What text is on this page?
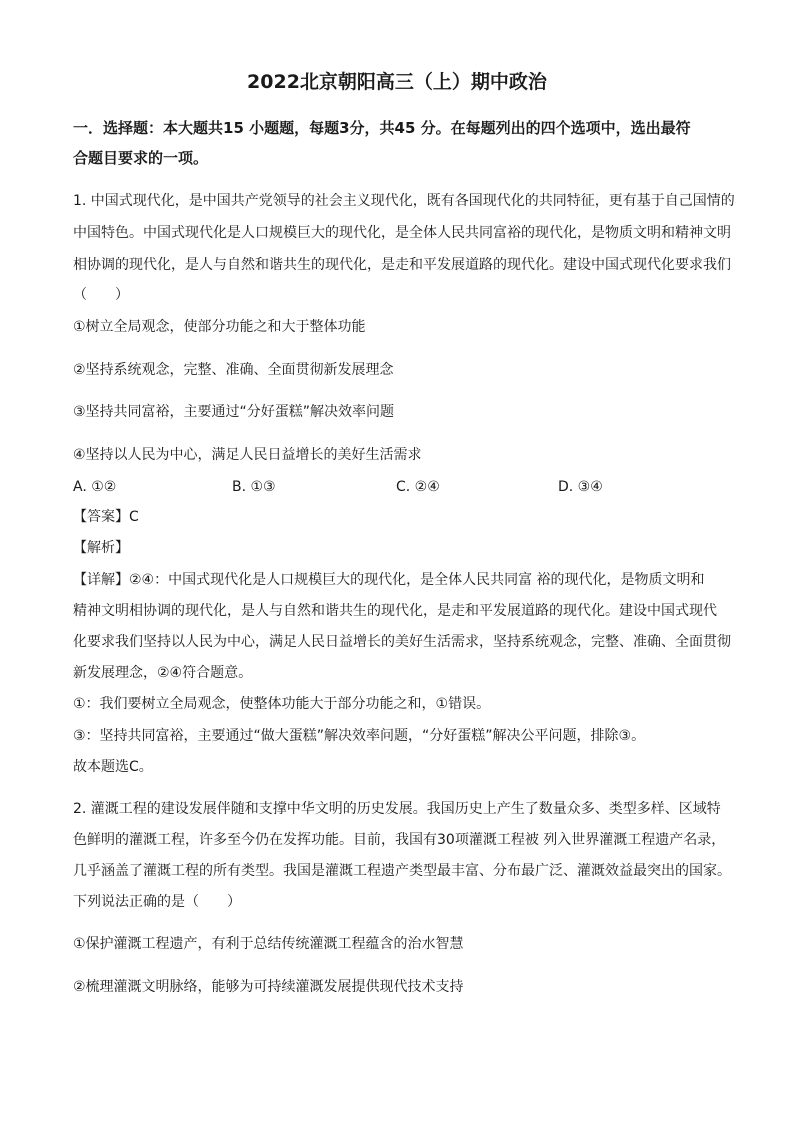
2022北京朝阳高三（上）期中政治
一．选择题：本大题共15 小题题，每题3分，共45 分。在每题列出的四个选项中，选出最符
合题目要求的一项。
1. 中国式现代化，是中国共产党领导的社会主义现代化，既有各国现代化的共同特征，更有基于自己国情的
中国特色。中国式现代化是人口规模巨大的现代化，是全体人民共同富裕的现代化，是物质文明和精神文明
相协调的现代化，是人与自然和谐共生的现代化，是走和平发展道路的现代化。建设中国式现代化要求我们
（　　）
①树立全局观念，使部分功能之和大于整体功能
②坚持系统观念，完整、准确、全面贯彻新发展理念
③坚持共同富裕，主要通过“分好蛋糕”解决效率问题
④坚持以人民为中心，满足人民日益增长的美好生活需求
A. ①②	B. ①③	C. ②④	D. ③④
【答案】C
【解析】
【详解】②④：中国式现代化是人口规模巨大的现代化，是全体人民共同富 裕的现代化，是物质文明和
精神文明相协调的现代化，是人与自然和谐共生的现代化，是走和平发展道路的现代化。建设中国式现代
化要求我们坚持以人民为中心，满足人民日益增长的美好生活需求，坚持系统观念，完整、准确、全面贯彻
新发展理念，②④符合题意。
①：我们要树立全局观念，使整体功能大于部分功能之和，①错误。
③：坚持共同富裕，主要通过“做大蛋糕”解决效率问题，“分好蛋糕”解决公平问题，排除③。
故本题选C。
2. 灌溉工程的建设发展伴随和支撑中华文明的历史发展。我国历史上产生了数量众多、类型多样、区域特
色鲜明的灌溉工程，许多至今仍在发挥功能。目前，我国有30项灌溉工程被 列入世界灌溉工程遗产名录，
几乎涵盖了灌溉工程的所有类型。我国是灌溉工程遗产类型最丰富、分布最广泛、灌溉效益最突出的国家。
下列说法正确的是（　　）
①保护灌溉工程遗产，有利于总结传统灌溉工程蕴含的治水智慧
②梳理灌溉文明脉络，能够为可持续灌溉发展提供现代技术支持
